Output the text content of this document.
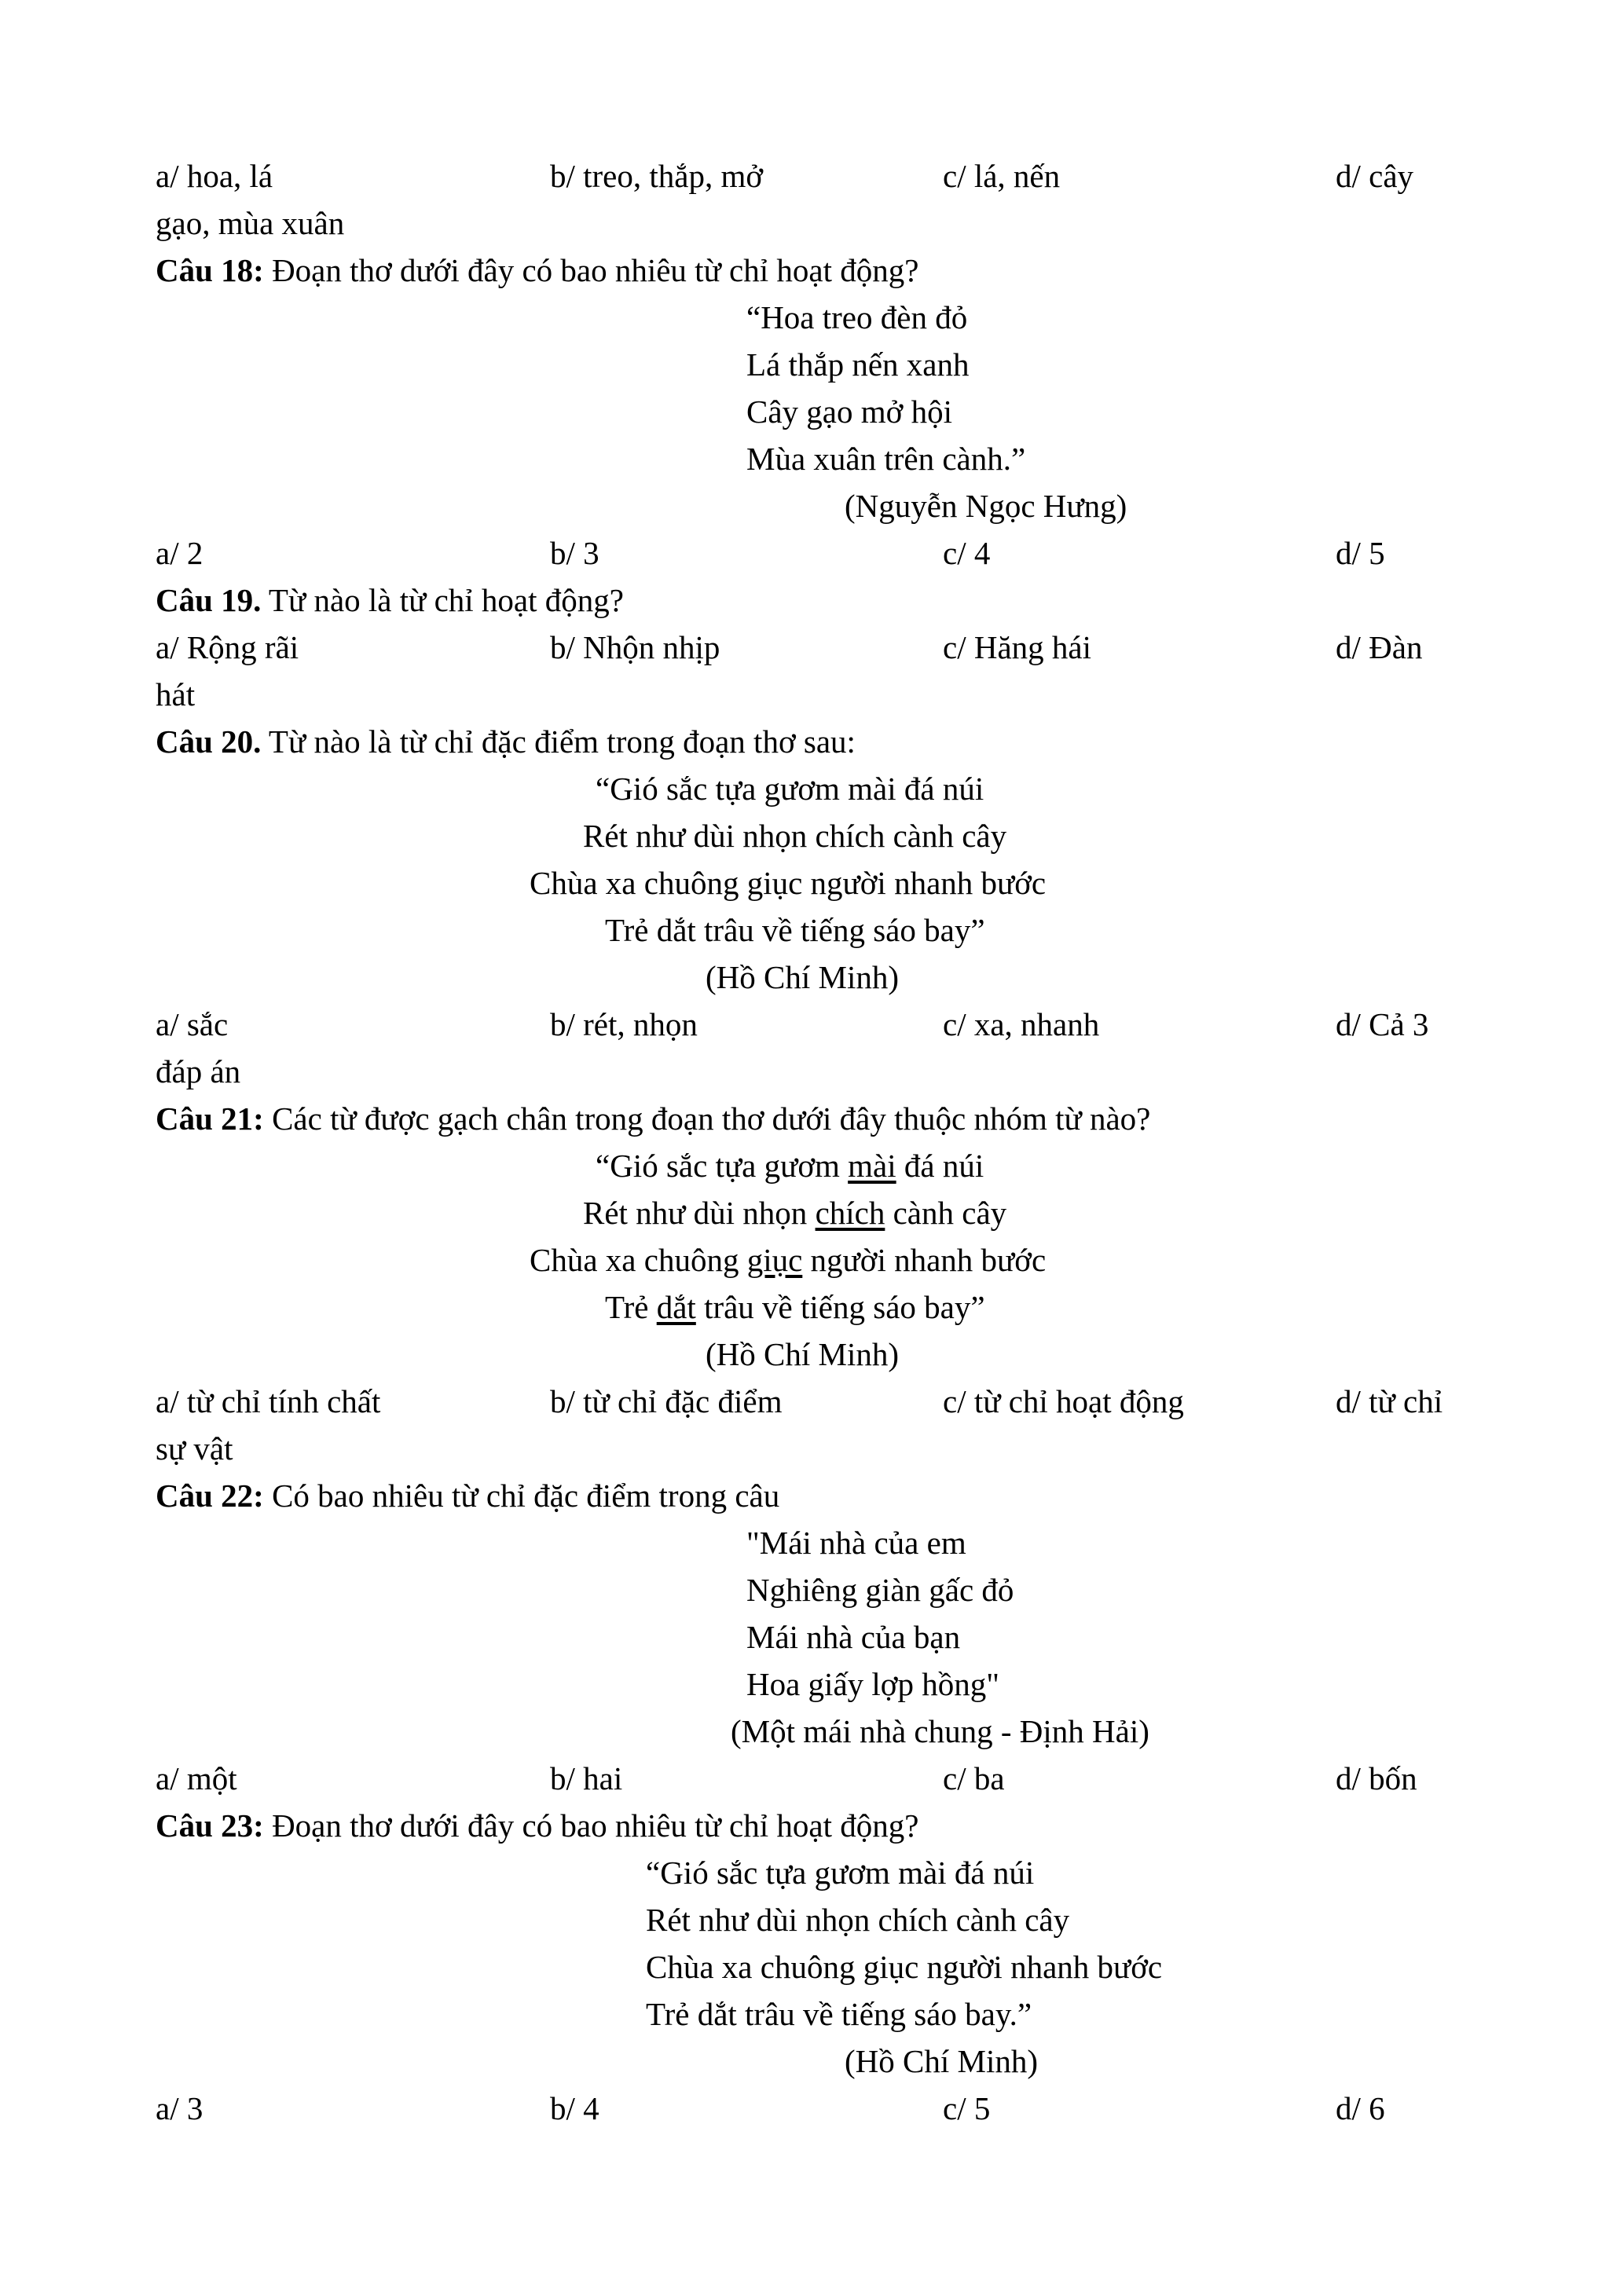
a/ hoa, lá	b/ treo, thắp, mở	c/ lá, nến	d/ cây
gạo, mùa xuân
Câu 18: Đoạn thơ dưới đây có bao nhiêu từ chỉ hoạt động?
“Hoa treo đèn đỏ
Lá thắp nến xanh
Cây gạo mở hội
Mùa xuân trên cành.”
(Nguyễn Ngọc Hưng)
a/ 2	b/ 3	c/ 4	d/ 5
Câu 19. Từ nào là từ chỉ hoạt động?
a/ Rộng rãi	b/ Nhộn nhịp	c/ Hăng hái	d/ Đàn
hát
Câu 20. Từ nào là từ chỉ đặc điểm trong đoạn thơ sau:
“Gió sắc tựa gươm mài đá núi
Rét như dùi nhọn chích cành cây
Chùa xa chuông giục người nhanh bước
Trẻ dắt trâu về tiếng sáo bay”
(Hồ Chí Minh)
a/ sắc	b/ rét, nhọn	c/ xa, nhanh	d/ Cả 3
đáp án
Câu 21: Các từ được gạch chân trong đoạn thơ dưới đây thuộc nhóm từ nào?
“Gió sắc tựa gươm mài đá núi
Rét như dùi nhọn chích cành cây
Chùa xa chuông giục người nhanh bước
Trẻ dắt trâu về tiếng sáo bay”
(Hồ Chí Minh)
a/ từ chỉ tính chất	b/ từ chỉ đặc điểm	c/ từ chỉ hoạt động	d/ từ chỉ
sự vật
Câu 22: Có bao nhiêu từ chỉ đặc điểm trong câu
"Mái nhà của em
Nghiêng giàn gấc đỏ
Mái nhà của bạn
Hoa giấy lợp hồng"
(Một mái nhà chung - Định Hải)
a/ một	b/ hai	c/ ba	d/ bốn
Câu 23: Đoạn thơ dưới đây có bao nhiêu từ chỉ hoạt động?
“Gió sắc tựa gươm mài đá núi
Rét như dùi nhọn chích cành cây
Chùa xa chuông giục người nhanh bước
Trẻ dắt trâu về tiếng sáo bay.”
(Hồ Chí Minh)
a/ 3	b/ 4	c/ 5	d/ 6
